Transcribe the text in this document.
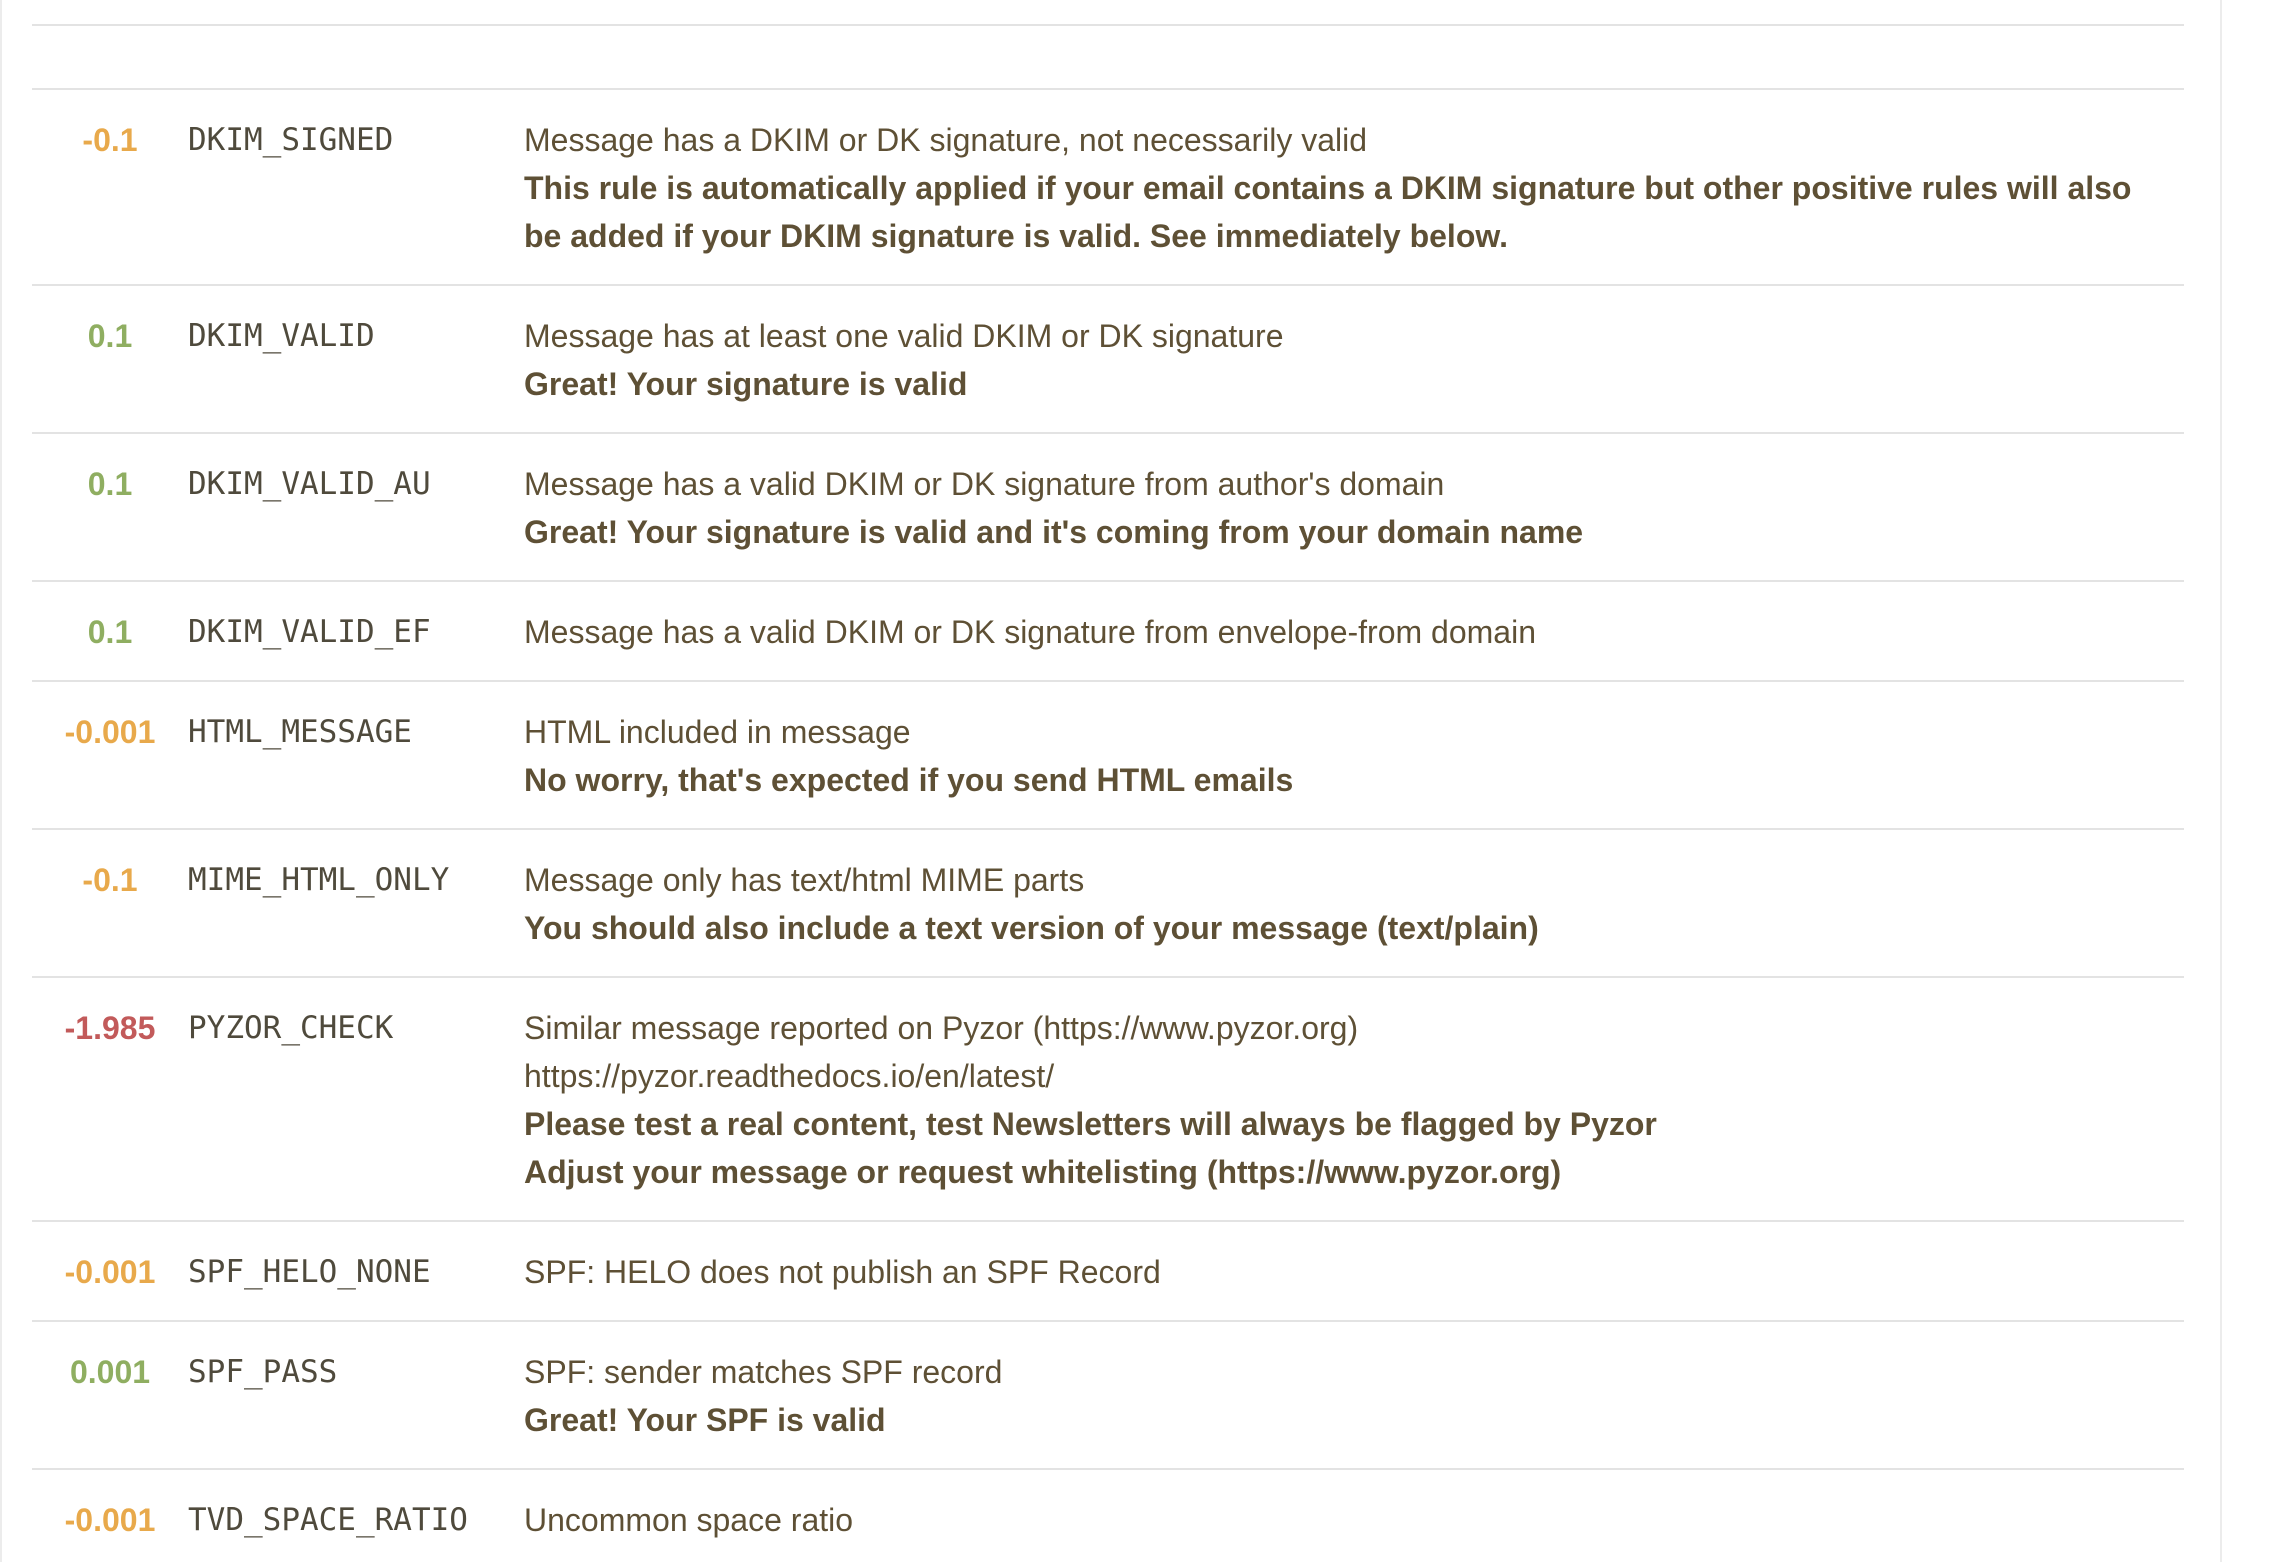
-0.1	DKIM_SIGNED	Message has a DKIM or DK signature, not necessarily valid
This rule is automatically applied if your email contains a DKIM signature but other positive rules will also be added if your DKIM signature is valid. See immediately below.
0.1	DKIM_VALID	Message has at least one valid DKIM or DK signature
Great! Your signature is valid
0.1	DKIM_VALID_AU	Message has a valid DKIM or DK signature from author's domain
Great! Your signature is valid and it's coming from your domain name
0.1	DKIM_VALID_EF	Message has a valid DKIM or DK signature from envelope-from domain
-0.001	HTML_MESSAGE	HTML included in message
No worry, that's expected if you send HTML emails
-0.1	MIME_HTML_ONLY	Message only has text/html MIME parts
You should also include a text version of your message (text/plain)
-1.985	PYZOR_CHECK	Similar message reported on Pyzor (https://www.pyzor.org)
https://pyzor.readthedocs.io/en/latest/
Please test a real content, test Newsletters will always be flagged by Pyzor
Adjust your message or request whitelisting (https://www.pyzor.org)
-0.001	SPF_HELO_NONE	SPF: HELO does not publish an SPF Record
0.001	SPF_PASS	SPF: sender matches SPF record
Great! Your SPF is valid
-0.001	TVD_SPACE_RATIO	Uncommon space ratio
